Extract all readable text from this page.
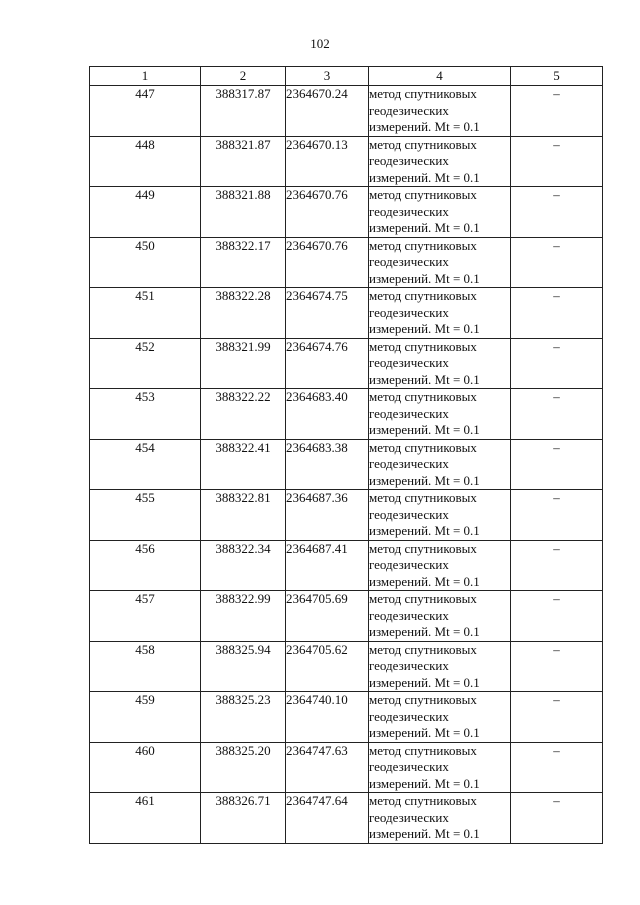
102
1	2	3	4	5
447	388317.87	2364670.24	метод спутниковых
геодезических
измерений. Mt = 0.1	–
448	388321.87	2364670.13	метод спутниковых
геодезических
измерений. Mt = 0.1	–
449	388321.88	2364670.76	метод спутниковых
геодезических
измерений. Mt = 0.1	–
450	388322.17	2364670.76	метод спутниковых
геодезических
измерений. Mt = 0.1	–
451	388322.28	2364674.75	метод спутниковых
геодезических
измерений. Mt = 0.1	–
452	388321.99	2364674.76	метод спутниковых
геодезических
измерений. Mt = 0.1	–
453	388322.22	2364683.40	метод спутниковых
геодезических
измерений. Mt = 0.1	–
454	388322.41	2364683.38	метод спутниковых
геодезических
измерений. Mt = 0.1	–
455	388322.81	2364687.36	метод спутниковых
геодезических
измерений. Mt = 0.1	–
456	388322.34	2364687.41	метод спутниковых
геодезических
измерений. Mt = 0.1	–
457	388322.99	2364705.69	метод спутниковых
геодезических
измерений. Mt = 0.1	–
458	388325.94	2364705.62	метод спутниковых
геодезических
измерений. Mt = 0.1	–
459	388325.23	2364740.10	метод спутниковых
геодезических
измерений. Mt = 0.1	–
460	388325.20	2364747.63	метод спутниковых
геодезических
измерений. Mt = 0.1	–
461	388326.71	2364747.64	метод спутниковых
геодезических
измерений. Mt = 0.1	–
